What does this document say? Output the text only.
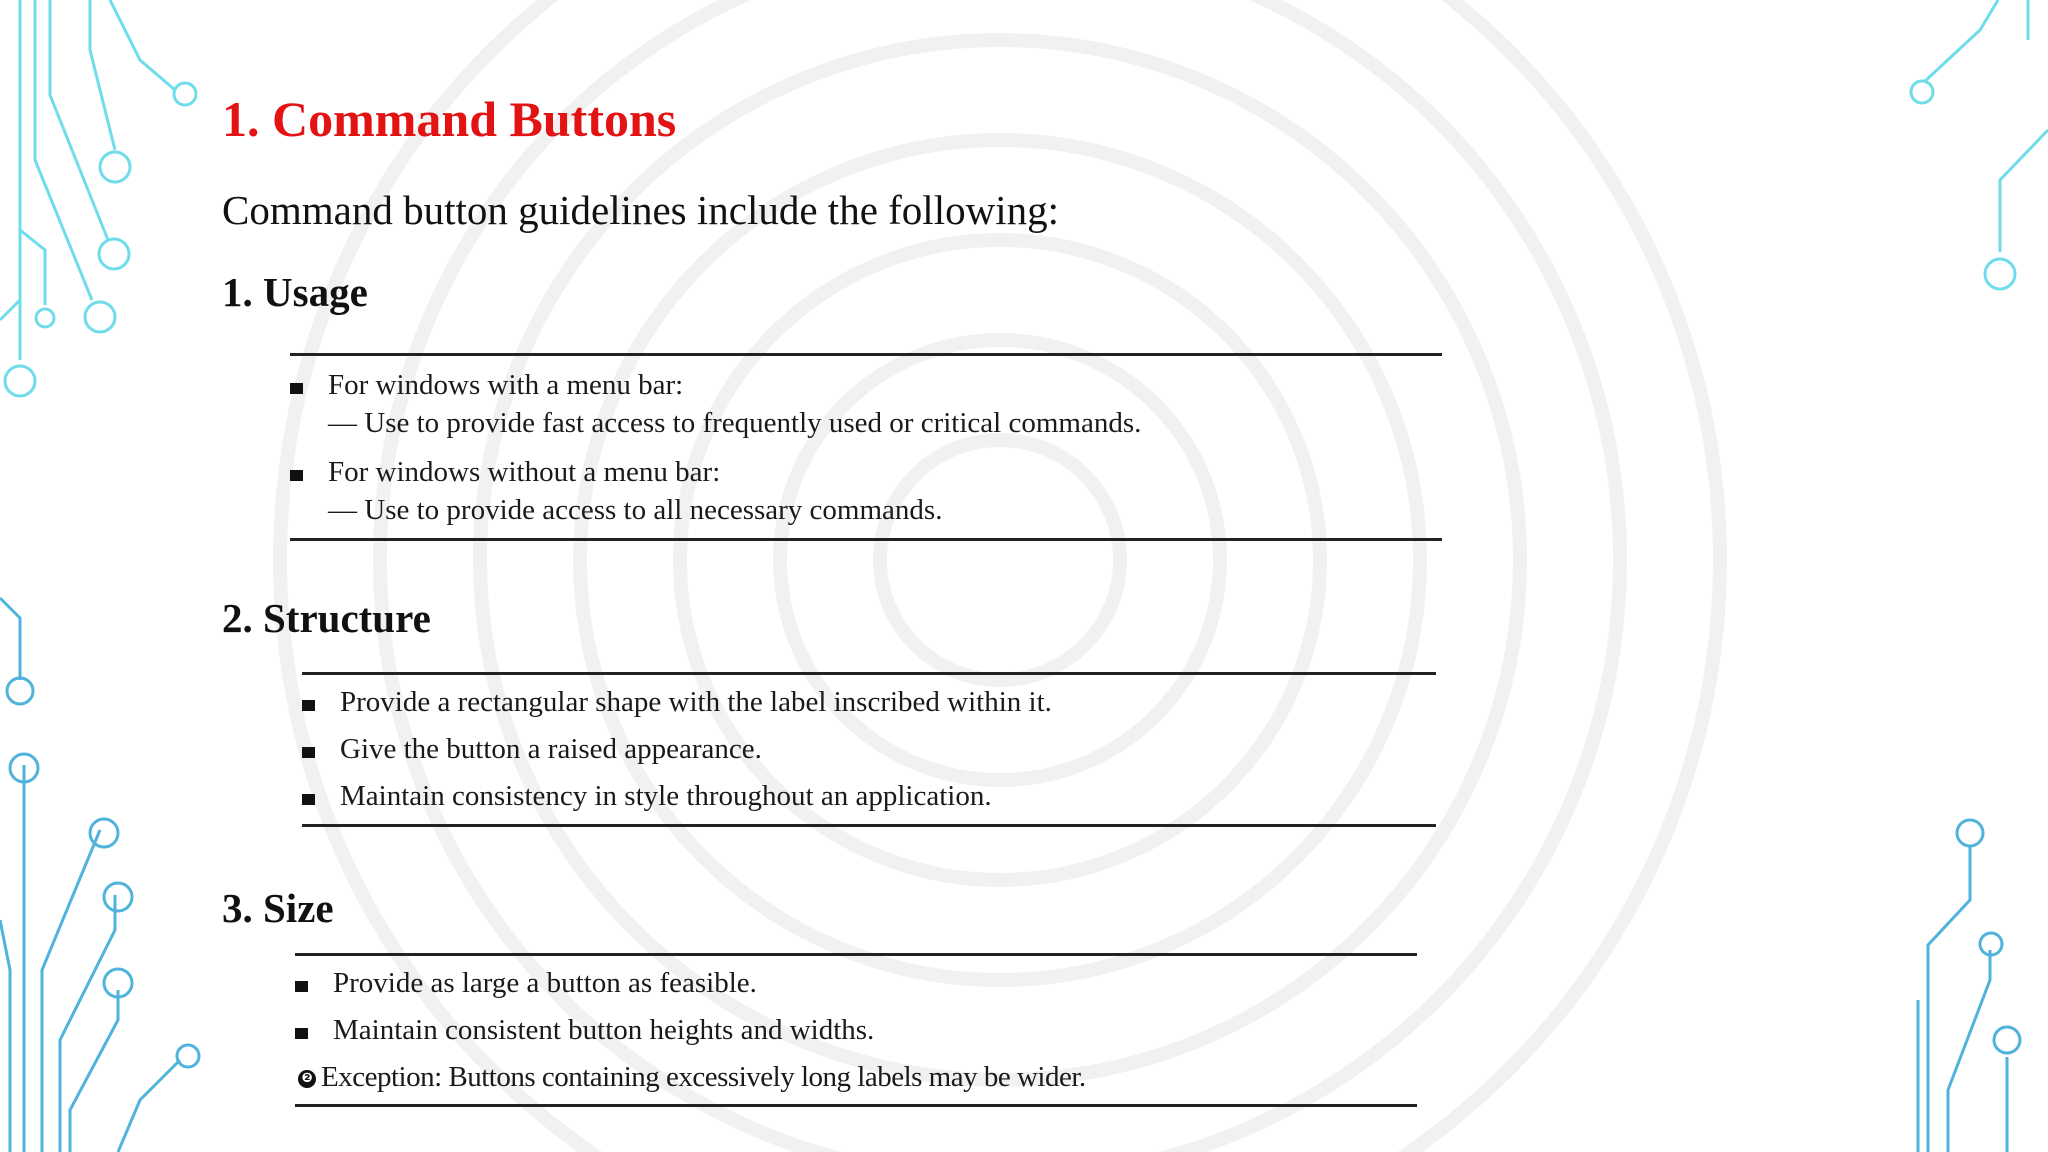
1. Command Buttons

Command button guidelines include the following:

1. Usage
For windows with a menu bar:
— Use to provide fast access to frequently used or critical commands.
For windows without a menu bar:
— Use to provide access to all necessary commands.
2. Structure
Provide a rectangular shape with the label inscribed within it.
Give the button a raised appearance.
Maintain consistency in style throughout an application.
3. Size
Provide as large a button as feasible.
Maintain consistent button heights and widths.
❷ Exception: Buttons containing excessively long labels may be wider.
